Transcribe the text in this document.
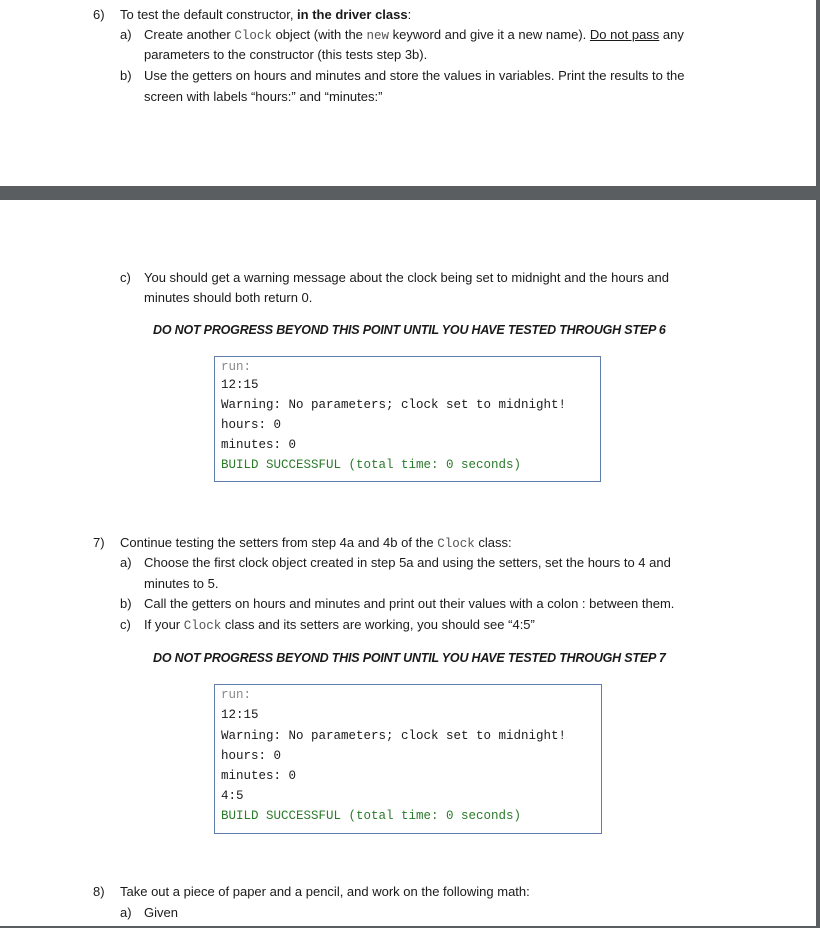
6) To test the default constructor, in the driver class:
a) Create another Clock object (with the new keyword and give it a new name). Do not pass any
parameters to the constructor (this tests step 3b).
b) Use the getters on hours and minutes and store the values in variables. Print the results to the
screen with labels “hours:” and “minutes:”
c) You should get a warning message about the clock being set to midnight and the hours and
minutes should both return 0.
DO NOT PROGRESS BEYOND THIS POINT UNTIL YOU HAVE TESTED THROUGH STEP 6
run:
12:15
Warning: No parameters; clock set to midnight!
hours: 0
minutes: 0
BUILD SUCCESSFUL (total time: 0 seconds)
7) Continue testing the setters from step 4a and 4b of the Clock class:
a) Choose the first clock object created in step 5a and using the setters, set the hours to 4 and
minutes to 5.
b) Call the getters on hours and minutes and print out their values with a colon : between them.
c) If your Clock class and its setters are working, you should see “4:5”
DO NOT PROGRESS BEYOND THIS POINT UNTIL YOU HAVE TESTED THROUGH STEP 7
run:
12:15
Warning: No parameters; clock set to midnight!
hours: 0
minutes: 0
4:5
BUILD SUCCESSFUL (total time: 0 seconds)
8) Take out a piece of paper and a pencil, and work on the following math:
a) Given
